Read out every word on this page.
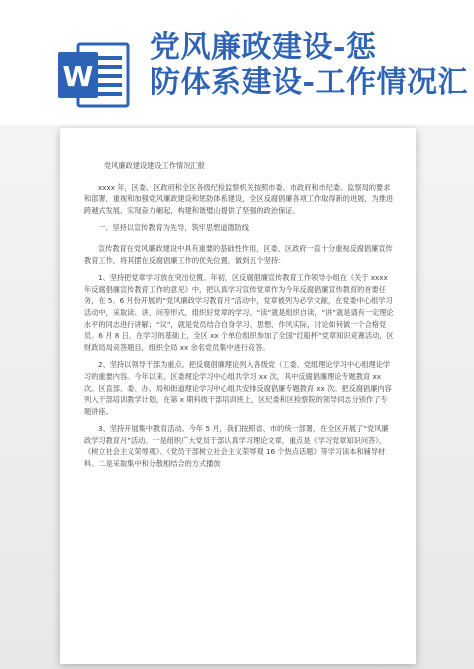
W
党风廉政建设-惩
防体系建设-工作情况汇

党风廉政建设建设工作情况汇报

xxxx 年，区委、区政府和全区各级纪检监察机关按照市委、市政府和市纪委、监察局的要求和部署，重视和加强党风廉政建设和惩防体系建设，全区反腐倡廉各项工作取得新的进展，为推进跨越式发展、实现奋力崛起，构建和谐璧山提供了坚强的政治保证。

一、坚持以宣传教育为先导，筑牢思想道德防线

宣传教育在党风廉政建设中具有重要的基础性作用，区委、区政府一直十分重视反腐倡廉宣传教育工作，将其摆在反腐倡廉工作的优先位置，做到五个坚持：

1、坚持把党章学习放在突出位置。年初，区反腐倡廉宣传教育工作领导小组在《关于 xxxx 年反腐倡廉宣传教育工作的意见》中，把认真学习宣传党章作为今年反腐倡廉宣传教育的首要任务，在 5、6 月份开展的“党风廉政学习教育月”活动中，党章被列为必学文献，在党委中心组学习活动中，采取读、讲、问等形式，组织好党章的学习。“读”就是组织自读，“讲”就是请有一定理论水平的同志进行讲解；“议”，就是党员结合自身学习、思想、作风实际，讨论如何做一个合格党员。6 月 8 日，在学习的基础上，全区 xx 个单位组织参加了全国“红船杯”党章知识竞赛活动，区财政局局竞答题目，组织全局 xx 余名党员集中进行竞答。

2、坚持以领导干部为重点。把反腐倡廉理论列入各级党（工委、党组理论学习中心组理论学习的重要内容。今年以来，区委理论学习中心组共学习 xx 次，其中反腐倡廉理论专题教育 xx 次。区直部、委、办、局和街道理论学习中心组共安排反腐倡廉专题教育 xx 次。把反腐倡廉内容列入干部培训教学计划，在第 x 期科级干部培训班上，区纪委和区检察院的领导同志分别作了专题讲座。

3、坚持开展集中教育活动。今年 5 月，我们按照省、市的统一部署，在全区开展了“党风廉政学习教育月”活动。一是组织广大党员干部认真学习理论文章，重点是《学习党章知识问答》、《树立社会主义荣辱观》、《党员干部树立社会主义荣辱观 16 个热点话题》等学习读本和辅导材料。二是采取集中和分散相结合的方式播放
